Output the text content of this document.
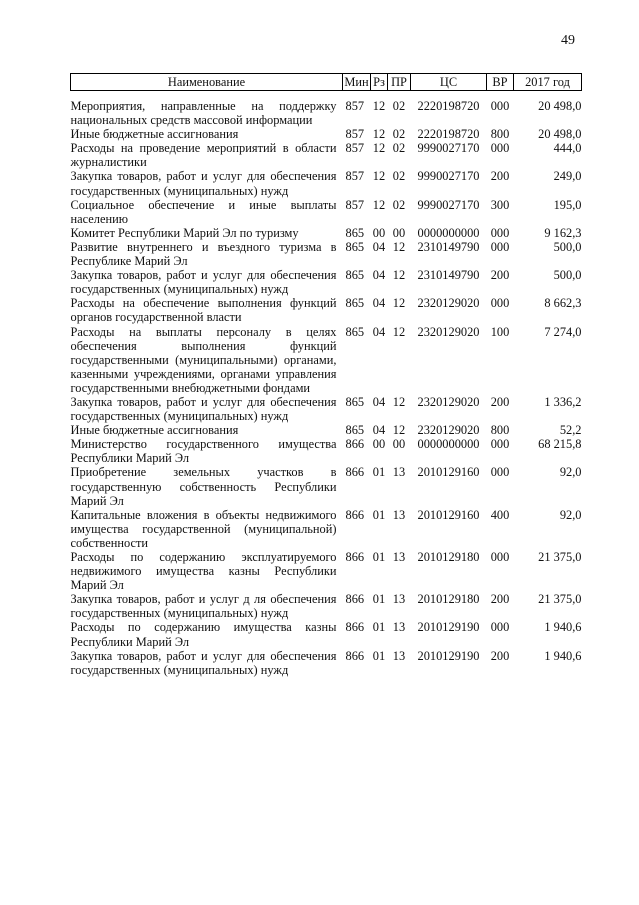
49
Наименование	Мин	Рз	ПР	ЦС	ВР	2017 год
Мероприятия, направленные на поддержку национальных средств массовой информации	857	12	02	2220198720	000	20 498,0
Иные бюджетные ассигнования	857	12	02	2220198720	800	20 498,0
Расходы на проведение мероприятий в области журналистики	857	12	02	9990027170	000	444,0
Закупка товаров, работ и услуг для обеспечения государственных (муниципальных) нужд	857	12	02	9990027170	200	249,0
Социальное обеспечение и иные выплаты населению	857	12	02	9990027170	300	195,0
Комитет Республики Марий Эл по туризму	865	00	00	0000000000	000	9 162,3
Развитие внутреннего и въездного туризма в Республике Марий Эл	865	04	12	2310149790	000	500,0
Закупка товаров, работ и услуг для обеспечения государственных (муниципальных) нужд	865	04	12	2310149790	200	500,0
Расходы на обеспечение выполнения функций органов государственной власти	865	04	12	2320129020	000	8 662,3
Расходы на выплаты персоналу в целях обеспечения выполнения функций государственными (муниципальными) органами, казенными учреждениями, органами управления государственными внебюджетными фондами	865	04	12	2320129020	100	7 274,0
Закупка товаров, работ и услуг для обеспечения государственных (муниципальных) нужд	865	04	12	2320129020	200	1 336,2
Иные бюджетные ассигнования	865	04	12	2320129020	800	52,2
Министерство государственного имущества Республики Марий Эл	866	00	00	0000000000	000	68 215,8
Приобретение земельных участков в государственную собственность Республики Марий Эл	866	01	13	2010129160	000	92,0
Капитальные вложения в объекты недвижимого имущества государственной (муниципальной) собственности	866	01	13	2010129160	400	92,0
Расходы по содержанию эксплуатируемого недвижимого имущества казны Республики Марий Эл	866	01	13	2010129180	000	21 375,0
Закупка товаров, работ и услуг д ля обеспечения государственных (муниципальных) нужд	866	01	13	2010129180	200	21 375,0
Расходы по содержанию имущества казны Республики Марий Эл	866	01	13	2010129190	000	1 940,6
Закупка товаров, работ и услуг для обеспечения государственных (муниципальных) нужд	866	01	13	2010129190	200	1 940,6
